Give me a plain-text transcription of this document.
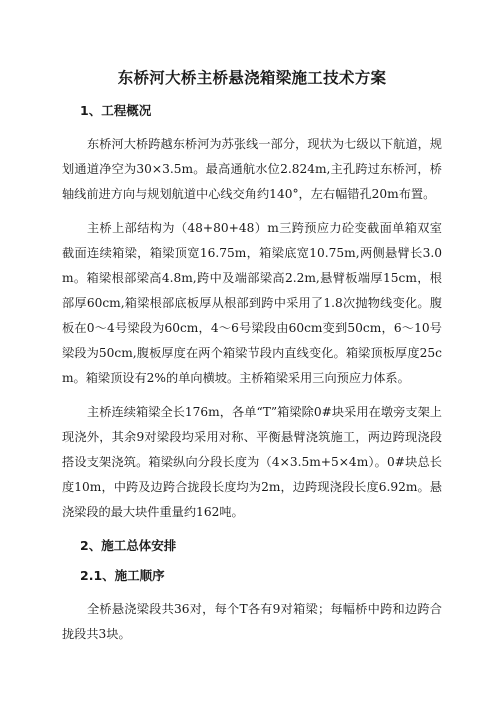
东桥河大桥主桥悬浇箱梁施工技术方案
1、工程概况

东桥河大桥跨越东桥河为苏张线一部分，现状为七级以下航道，规划通道净空为30×3.5m。最高通航水位2.824m,主孔跨过东桥河，桥轴线前进方向与规划航道中心线交角约140°，左右幅错孔20m布置。

主桥上部结构为（48+80+48）m三跨预应力砼变截面单箱双室截面连续箱梁，箱梁顶宽16.75m，箱梁底宽10.75m,两侧悬臂长3.0m。箱梁根部梁高4.8m,跨中及端部梁高2.2m,悬臂板端厚15cm，根部厚60cm,箱梁根部底板厚从根部到跨中采用了1.8次抛物线变化。腹板在0～4号梁段为60cm，4～6号梁段由60cm变到50cm，6～10号梁段为50cm,腹板厚度在两个箱梁节段内直线变化。箱梁顶板厚度25cm。箱梁顶设有2%的单向横坡。主桥箱梁采用三向预应力体系。

主桥连续箱梁全长176m，各单“T”箱梁除0#块采用在墩旁支架上现浇外，其余9对梁段均采用对称、平衡悬臂浇筑施工，两边跨现浇段搭设支架浇筑。箱梁纵向分段长度为（4×3.5m+5×4m）。0#块总长度10m，中跨及边跨合拢段长度均为2m，边跨现浇段长度6.92m。悬浇梁段的最大块件重量约162吨。

2、施工总体安排
2.1、施工顺序

全桥悬浇梁段共36对，每个T各有9对箱梁；每幅桥中跨和边跨合拢段共3块。
